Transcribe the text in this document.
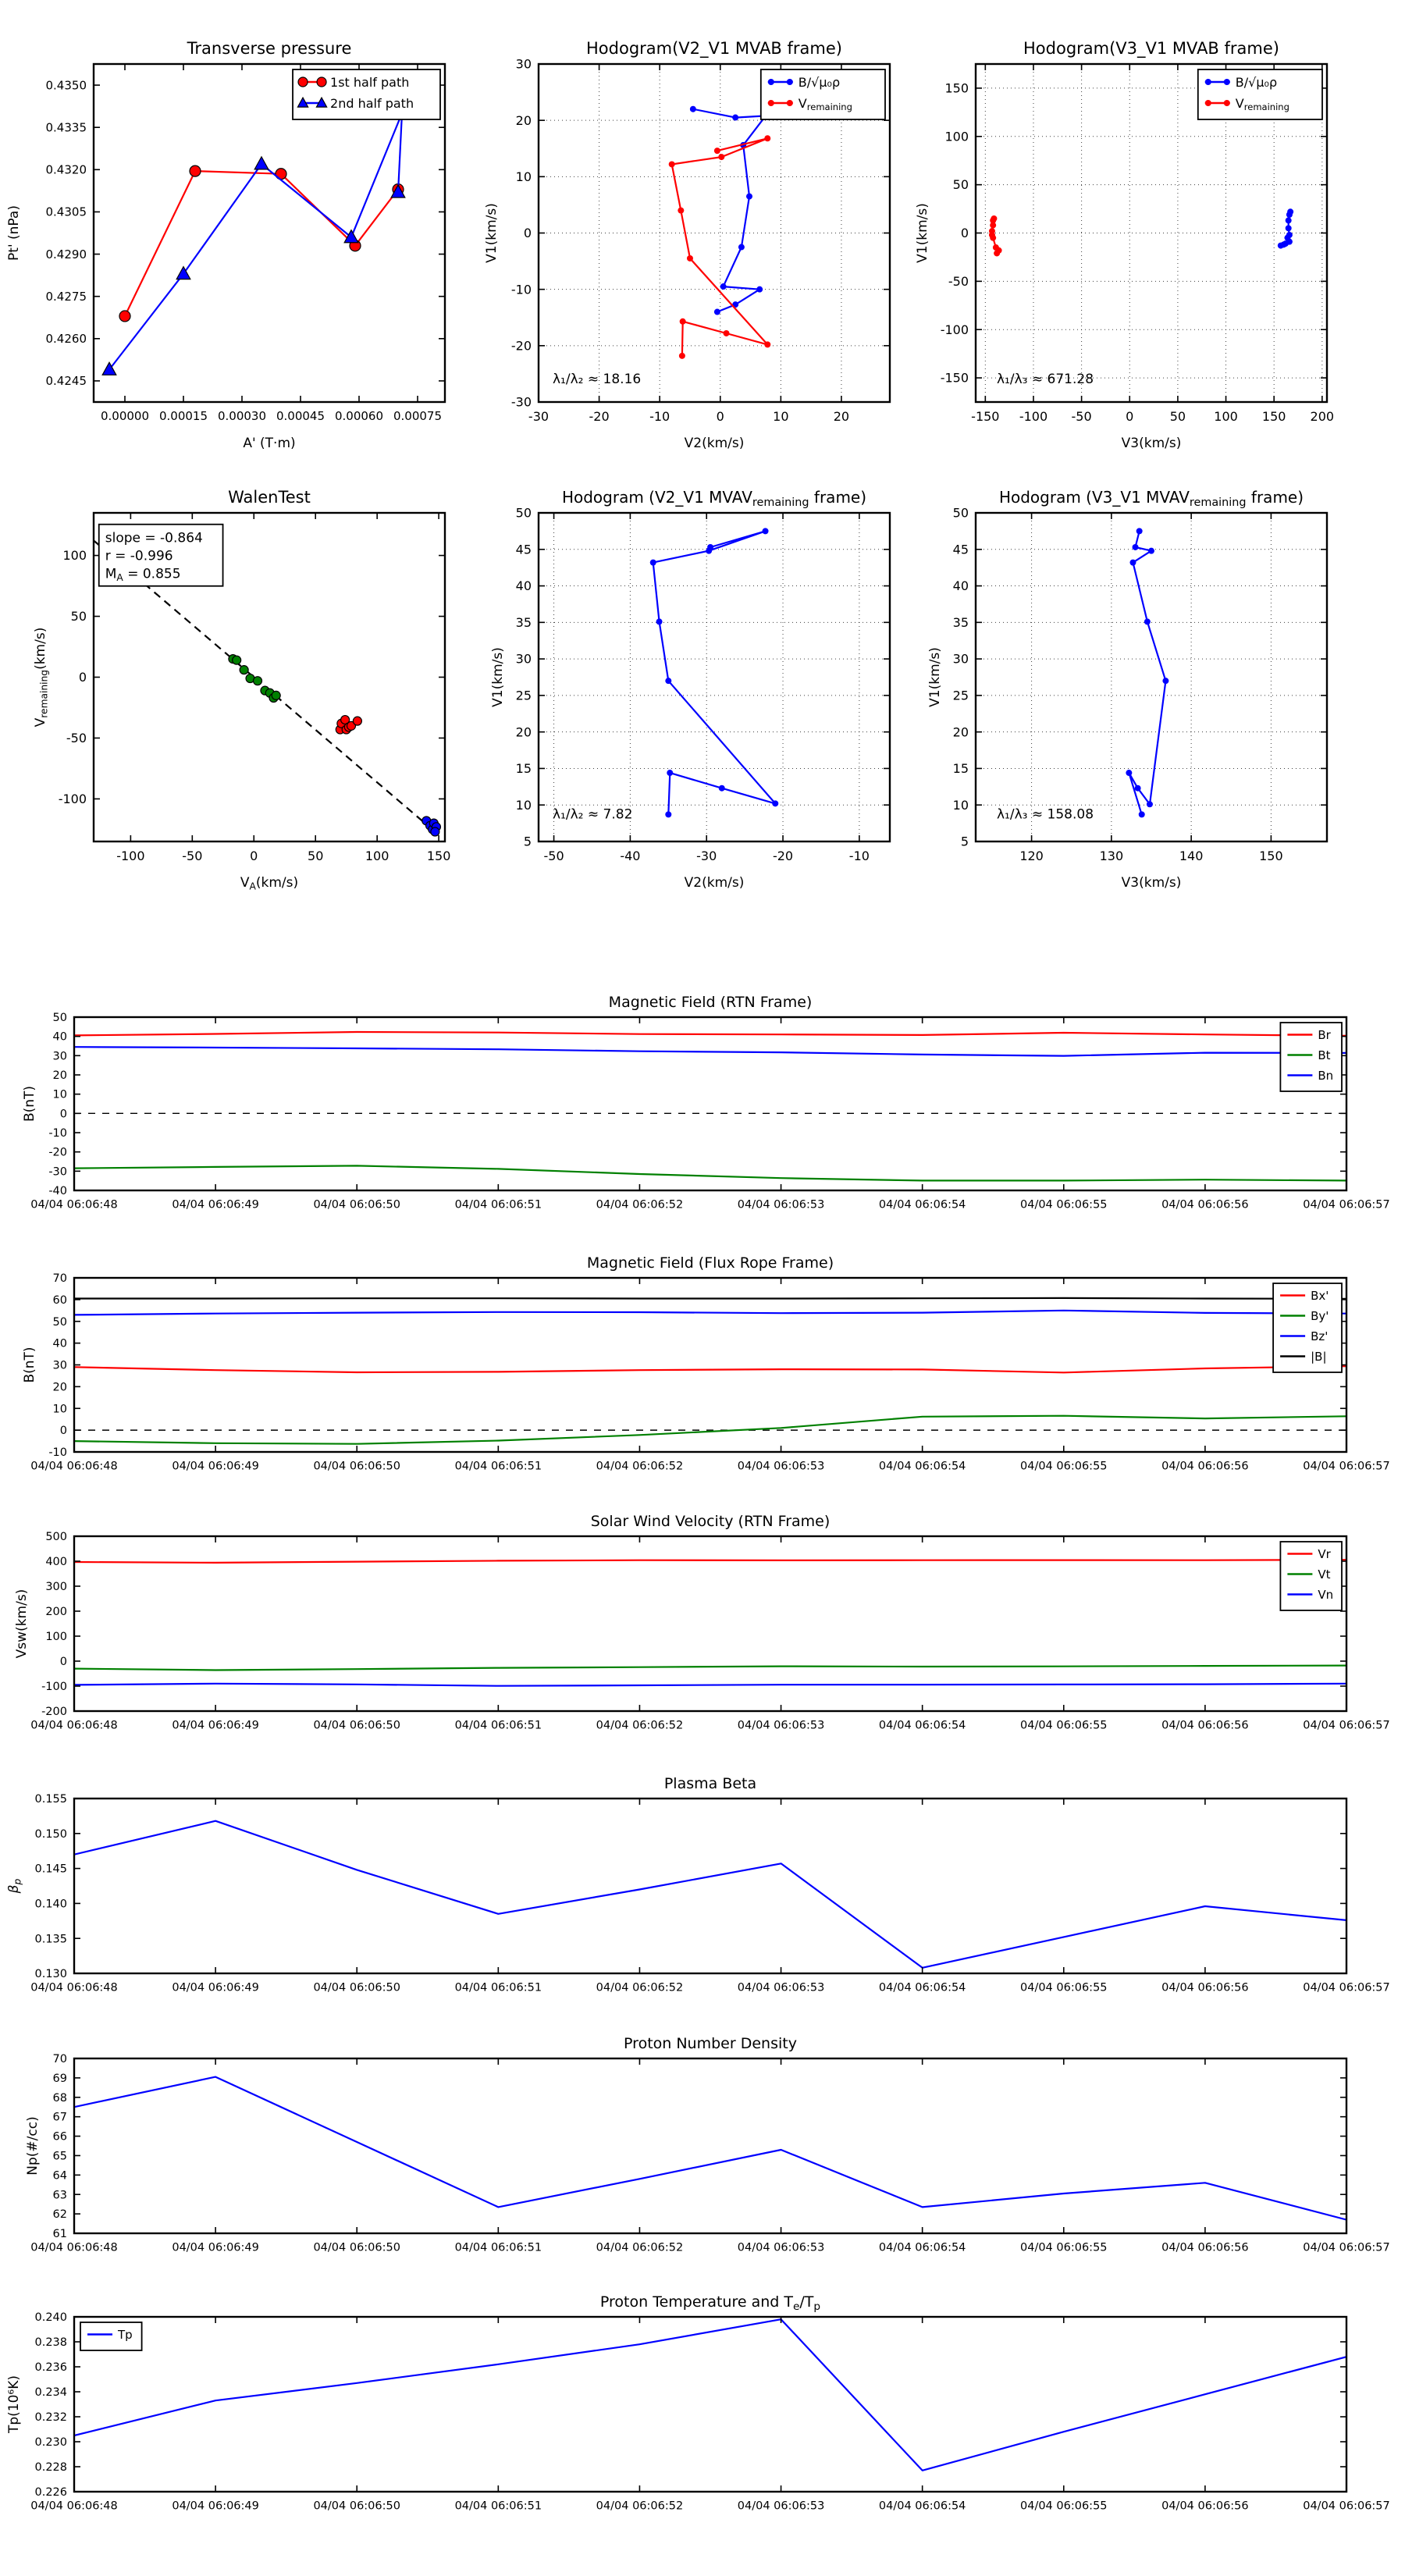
0.00000 0.00015 0.00030 0.00045 0.00060 0.00075
0.4245
0.4260
0.4275
0.4290
0.4305
0.4320
0.4335
0.4350
Transverse pressure
A' (T·m)
Pt' (nPa)
1st half path
2nd half path
-30	-20	-10	0	10	20
-30
-20
-10
0
10
20
30
Hodogram(V2_V1 MVAB frame)
V2(km/s)
V1(km/s)
B/√μ₀ρ
$V_{remaining}$
λ₁/λ₂ ≈ 18.16
-150 -100 -50	0	50 100 150 200
-150
-100
-50
0
50
100
150
Hodogram(V3_V1 MVAB frame)
V3(km/s)
V1(km/s)
B/√μ₀ρ
$V_{remaining}$
λ₁/λ₃ ≈ 671.28
-100	-50	0	50	100	150
-100
-50
0
50
100
WalenTest
$V_A(km/s)$
$V_{remaining}(km/s)$
slope = -0.864
r = -0.996
$M_A = 0.855$
-50	-40	-30	-20	-10
5
10
15
20
25
30
35
40
45
50
Hodogram (V2_V1 $MVAV_{remaining}$ frame)
V2(km/s)
V1(km/s)
λ₁/λ₂ ≈ 7.82
120	130	140	150
5
10
15
20
25
30
35
40
45
50
Hodogram (V3_V1 $MVAV_{remaining}$ frame)
V3(km/s)
V1(km/s)
λ₁/λ₃ ≈ 158.08
04/04 06:06:48	04/04 06:06:49	04/04 06:06:50	04/04 06:06:51	04/04 06:06:52	04/04 06:06:53	04/04 06:06:54	04/04 06:06:55	04/04 06:06:56	04/04 06:06:57
-40
-30
-20
-10
0
10
20
30
40
50
Magnetic Field (RTN Frame)
B(nT)
Br
Bt
Bn
04/04 06:06:48	04/04 06:06:49	04/04 06:06:50	04/04 06:06:51	04/04 06:06:52	04/04 06:06:53	04/04 06:06:54	04/04 06:06:55	04/04 06:06:56	04/04 06:06:57
-10
0
10
20
30
40
50
60
70
Magnetic Field (Flux Rope Frame)
B(nT)
Bx'
By'
Bz'
|B|
04/04 06:06:48	04/04 06:06:49	04/04 06:06:50	04/04 06:06:51	04/04 06:06:52	04/04 06:06:53	04/04 06:06:54	04/04 06:06:55	04/04 06:06:56	04/04 06:06:57
-200
-100
0
100
200
300
400
500
Solar Wind Velocity (RTN Frame)
Vsw(km/s)
Vr
Vt
Vn
04/04 06:06:48	04/04 06:06:49	04/04 06:06:50	04/04 06:06:51	04/04 06:06:52	04/04 06:06:53	04/04 06:06:54	04/04 06:06:55	04/04 06:06:56	04/04 06:06:57
0.130
0.135
0.140
0.145
0.150
0.155
Plasma Beta
$\beta_p$
04/04 06:06:48	04/04 06:06:49	04/04 06:06:50	04/04 06:06:51	04/04 06:06:52	04/04 06:06:53	04/04 06:06:54	04/04 06:06:55	04/04 06:06:56	04/04 06:06:57
61
62
63
64
65
66
67
68
69
70
Proton Number Density
Np(#/cc)
04/04 06:06:48	04/04 06:06:49	04/04 06:06:50	04/04 06:06:51	04/04 06:06:52	04/04 06:06:53	04/04 06:06:54	04/04 06:06:55	04/04 06:06:56	04/04 06:06:57
0.226
0.228
0.230
0.232
0.234
0.236
0.238
0.240
Proton Temperature and $T_e/T_p$
Tp(10⁶K)
Tp
